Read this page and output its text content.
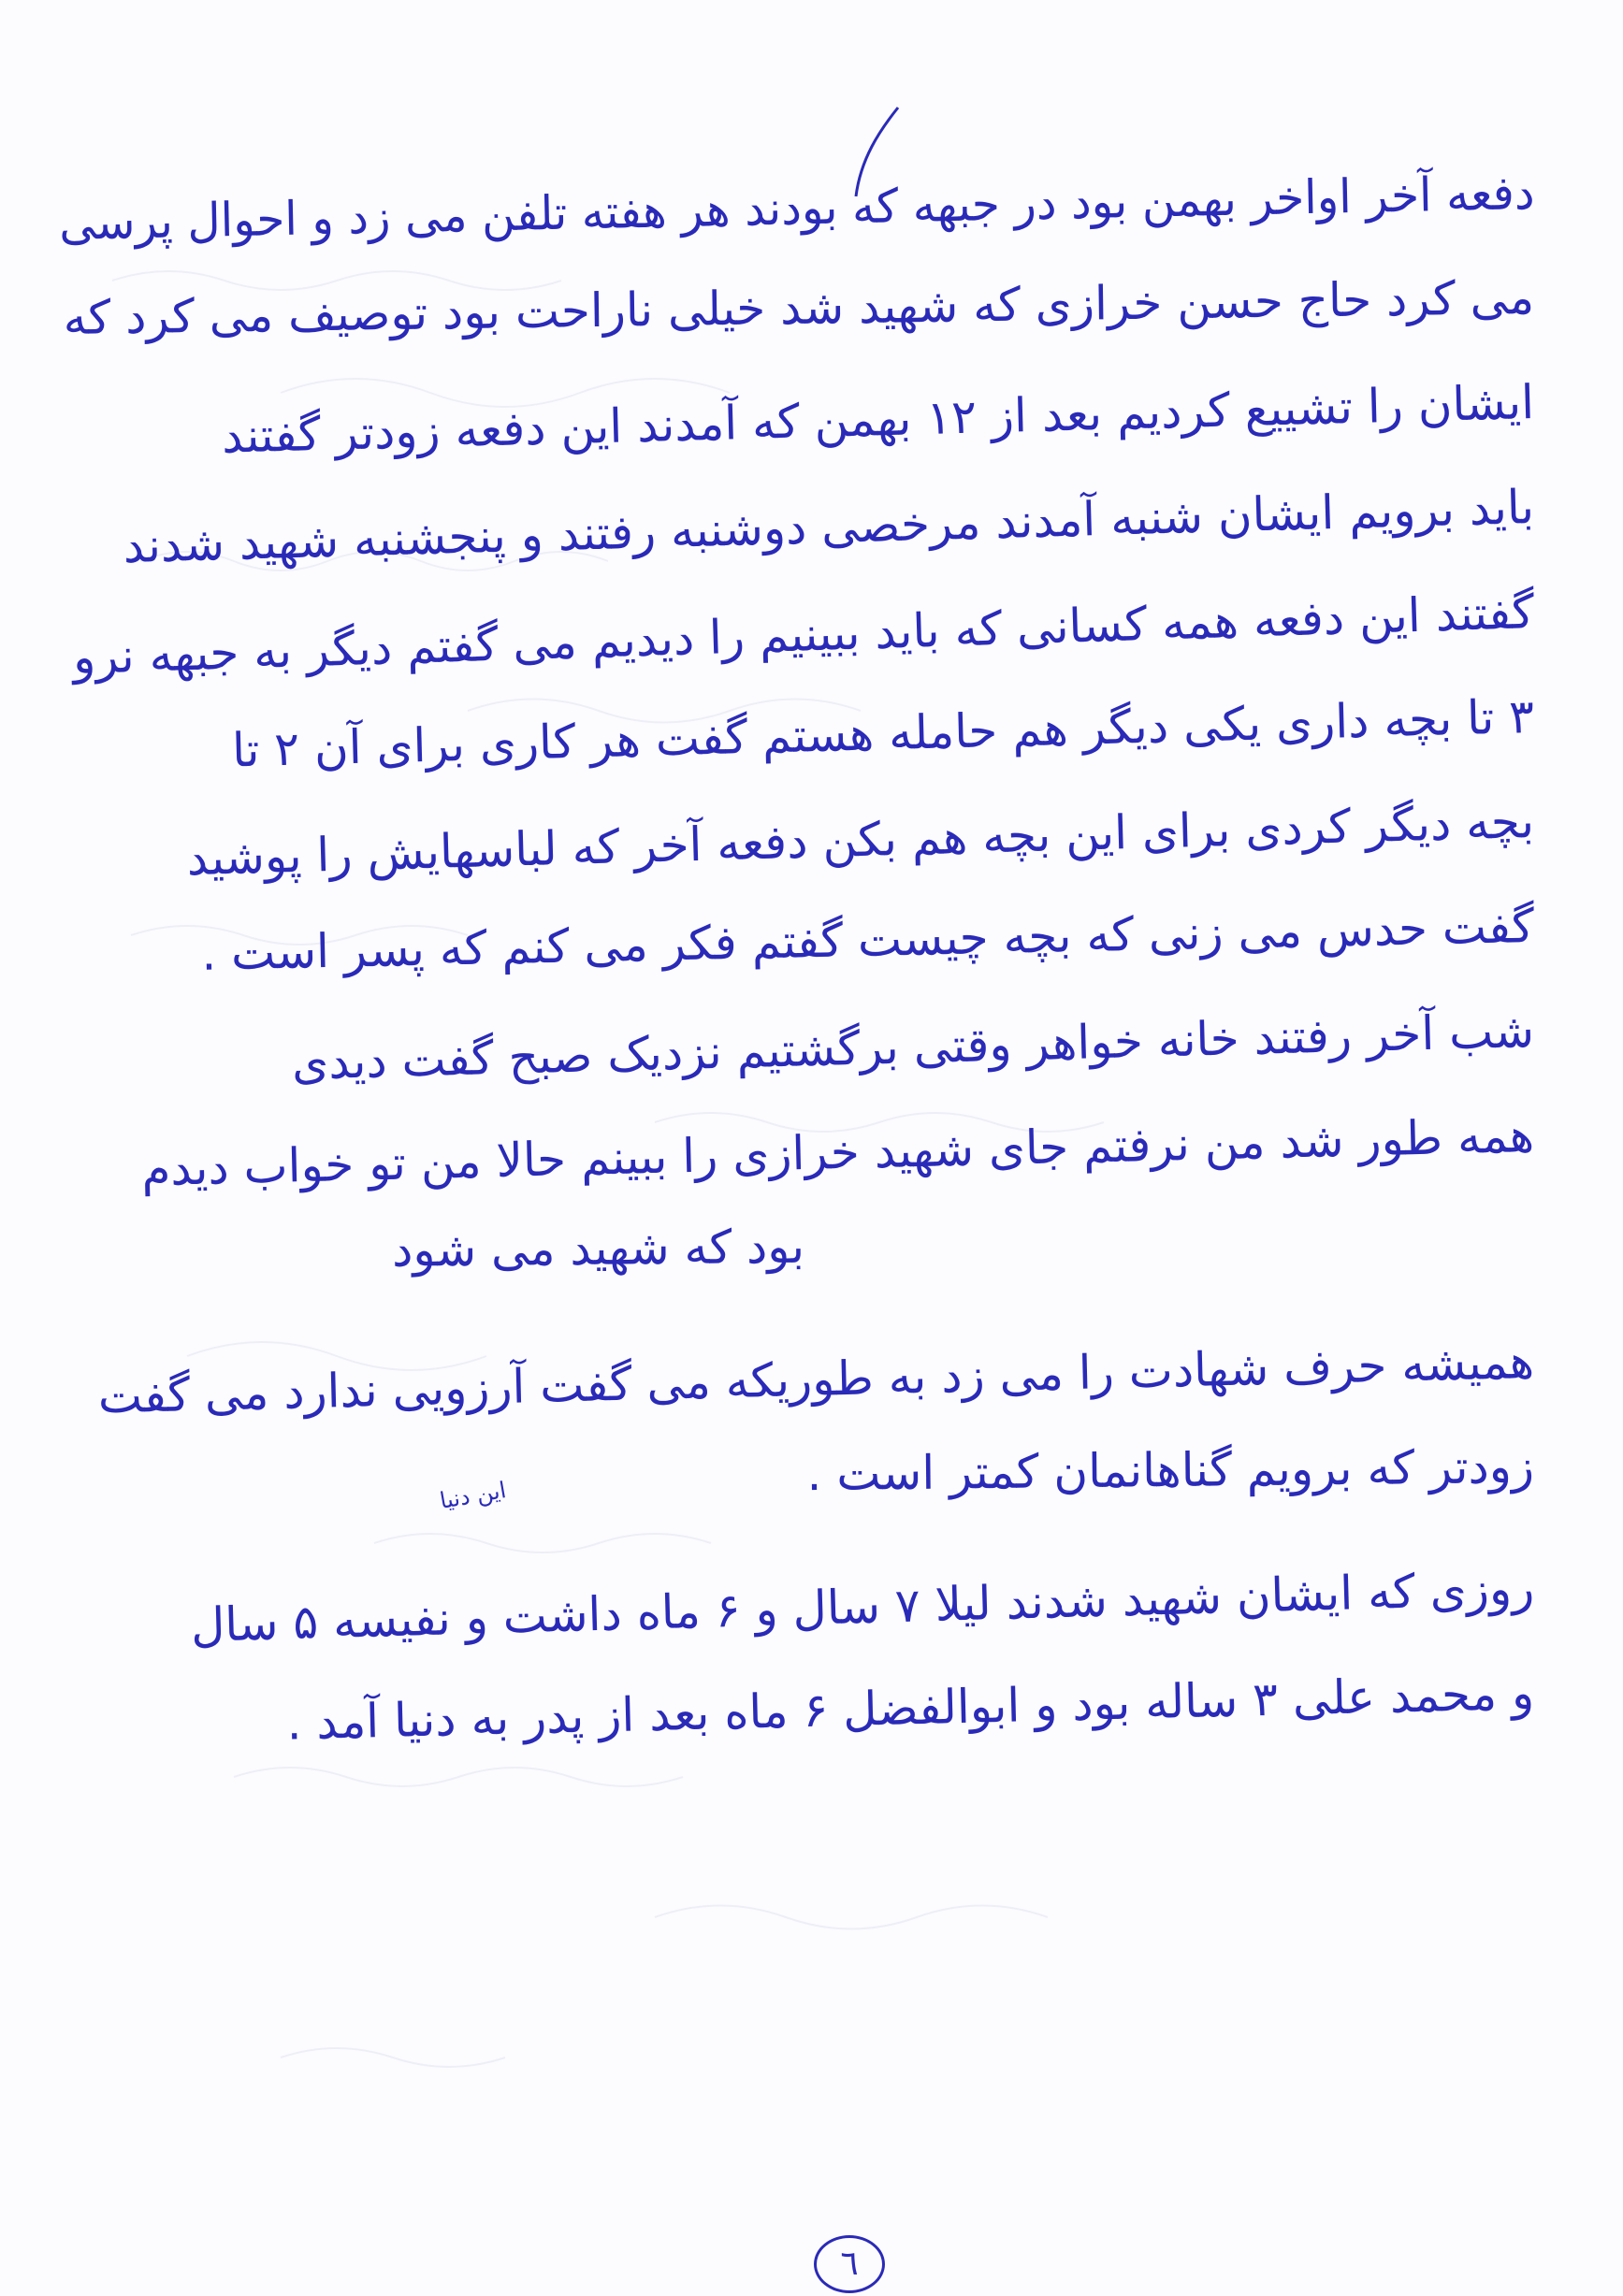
دفعه آخر اواخر بهمن بود در جبهه که بودند هر هفته تلفن می زد و احوال پرسی
می کرد حاج حسن خرازی که شهید شد خیلی ناراحت بود توصیف می کرد که
ایشان را تشییع کردیم بعد از ۱۲ بهمن که آمدند این دفعه زودتر گفتند
باید برویم ایشان شنبه آمدند مرخصی دوشنبه رفتند و پنجشنبه شهید شدند
گفتند این دفعه همه کسانی که باید ببینیم را دیدیم می گفتم دیگر به جبهه نرو
۳ تا بچه داری یکی دیگر هم حامله هستم گفت هر کاری برای آن ۲ تا
بچه دیگر کردی برای این بچه هم بکن دفعه آخر که لباسهایش را پوشید
گفت حدس می زنی که بچه چیست گفتم فکر می کنم که پسر است .
شب آخر رفتند خانه خواهر وقتی برگشتیم نزدیک صبح گفت دیدی
همه طور شد من نرفتم جای شهید خرازی را ببینم حالا من تو خواب دیدم
بود که شهید می شود
همیشه حرف شهادت را می زد به طوریکه می گفت آرزویی ندارد می گفت
زودتر که برویم گناهانمان کمتر است .
روزی که ایشان شهید شدند لیلا ۷ سال و ۶ ماه داشت و نفیسه ۵ سال
و محمد علی ۳ ساله بود و ابوالفضل ۶ ماه بعد از پدر به دنیا آمد .
این دنیا
٦
